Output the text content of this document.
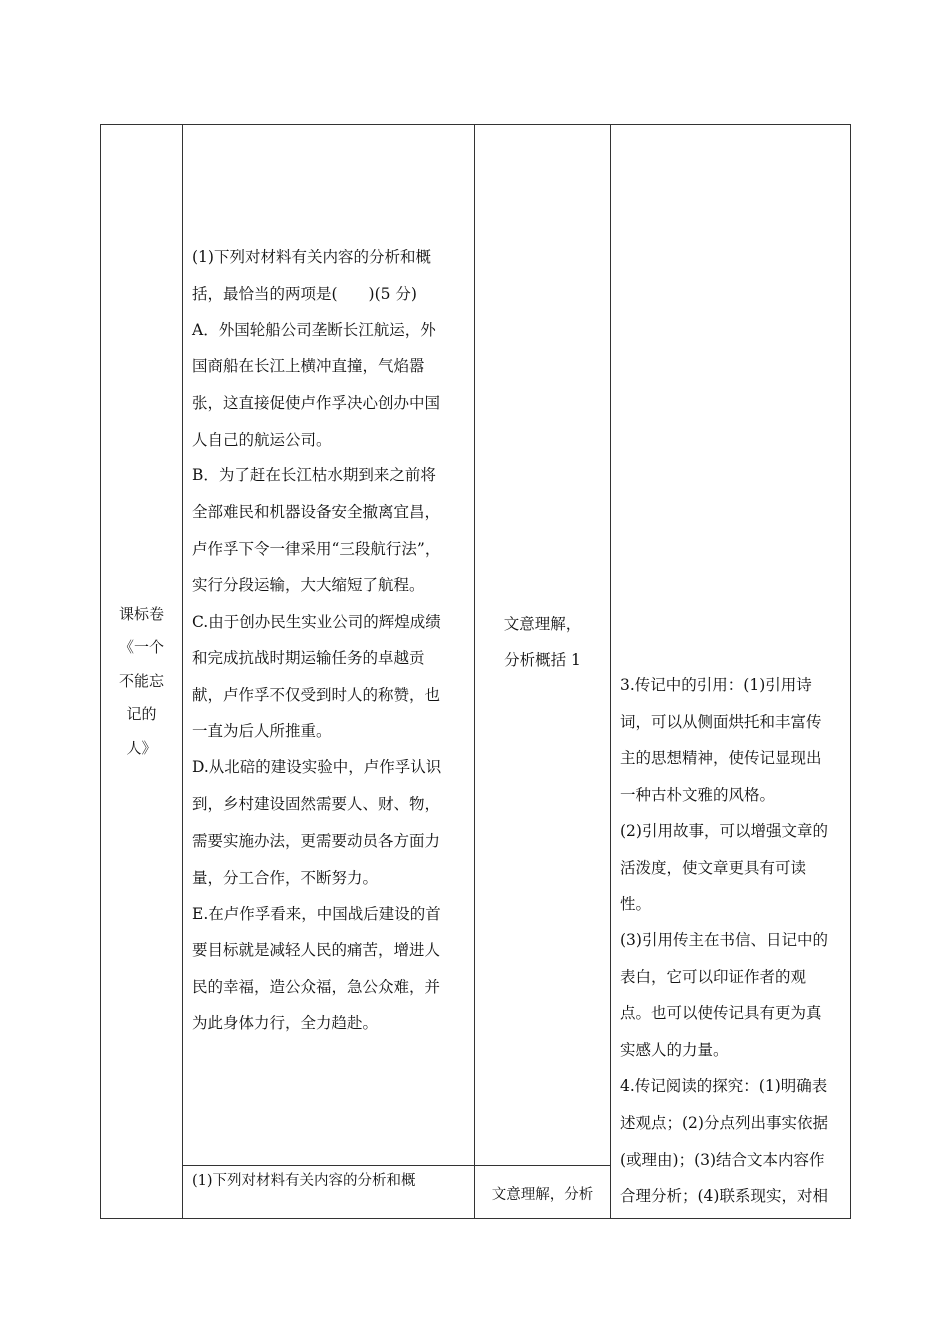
课标卷
《一个
不能忘
记的
人》
(1)下列对材料有关内容的分析和概
括，最恰当的两项是(　　)(5 分)
A．外国轮船公司垄断长江航运，外
国商船在长江上横冲直撞，气焰嚣
张，这直接促使卢作孚决心创办中国
人自己的航运公司。
B．为了赶在长江枯水期到来之前将
全部难民和机器设备安全撤离宜昌，
卢作孚下令一律采用“三段航行法”，
实行分段运输，大大缩短了航程。
C.由于创办民生实业公司的辉煌成绩
和完成抗战时期运输任务的卓越贡
献，卢作孚不仅受到时人的称赞，也
一直为后人所推重。
D.从北碚的建设实验中，卢作孚认识
到，乡村建设固然需要人、财、物，
需要实施办法，更需要动员各方面力
量，分工合作，不断努力。
E.在卢作孚看来，中国战后建设的首
要目标就是减轻人民的痛苦，增进人
民的幸福，造公众福，急公众难，并
为此身体力行，全力趋赴。
文意理解，
分析概括 1
3.传记中的引用：(1)引用诗
词，可以从侧面烘托和丰富传
主的思想精神，使传记显现出
一种古朴文雅的风格。
(2)引用故事，可以增强文章的
活泼度，使文章更具有可读
性。
(3)引用传主在书信、日记中的
表白，它可以印证作者的观
点。也可以使传记具有更为真
实感人的力量。
4.传记阅读的探究：(1)明确表
述观点；(2)分点列出事实依据
(或理由)；(3)结合文本内容作
合理分析；(4)联系现实，对相
(1)下列对材料有关内容的分析和概
文意理解，分析
